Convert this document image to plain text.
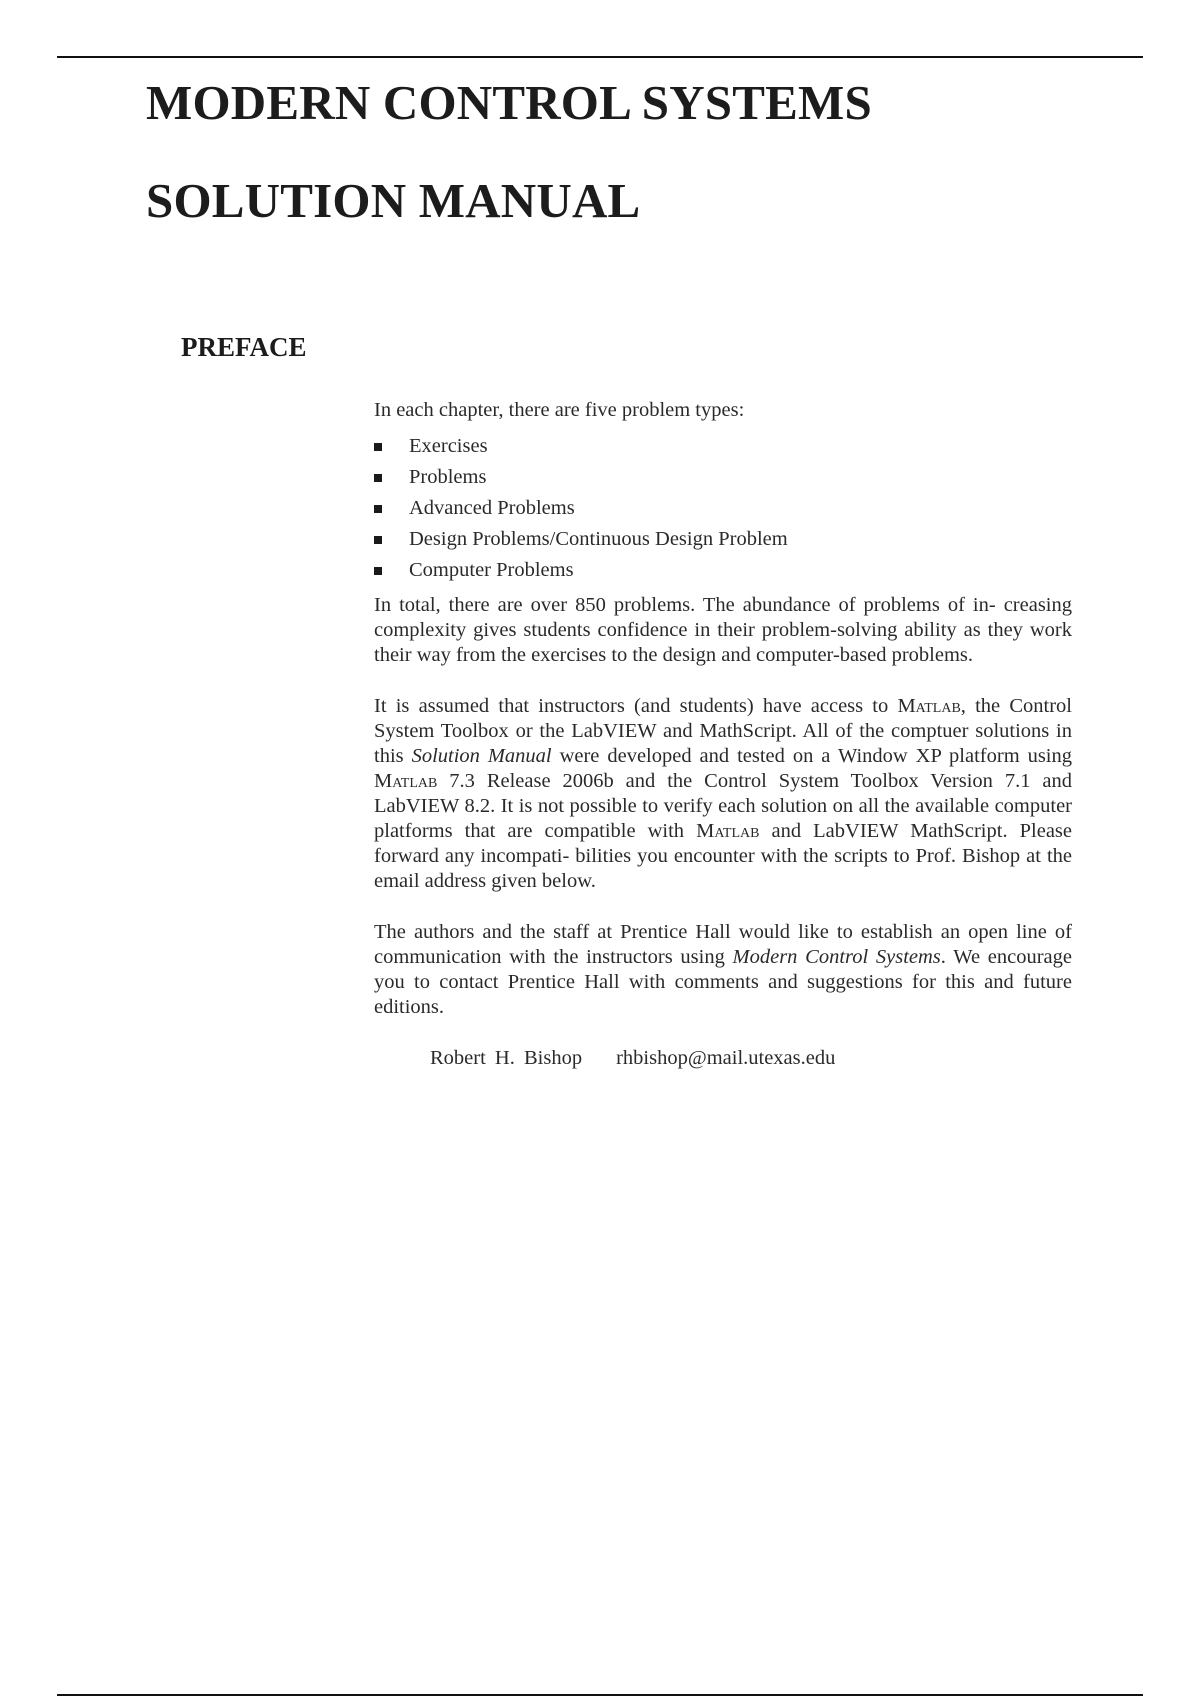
MODERN CONTROL SYSTEMS
SOLUTION MANUAL
PREFACE

In each chapter, there are five problem types:

Exercises
Problems
Advanced Problems
Design Problems/Continuous Design Problem
Computer Problems

In total, there are over 850 problems. The abundance of problems of in- creasing complexity gives students confidence in their problem-solving ability as they work their way from the exercises to the design and computer-based problems.

It is assumed that instructors (and students) have access to Matlab, the Control System Toolbox or the LabVIEW and MathScript. All of the comptuer solutions in this Solution Manual were developed and tested on a Window XP platform using Matlab 7.3 Release 2006b and the Control System Toolbox Version 7.1 and LabVIEW 8.2. It is not possible to verify each solution on all the available computer platforms that are compatible with Matlab and LabVIEW MathScript. Please forward any incompati- bilities you encounter with the scripts to Prof. Bishop at the email address given below.

The authors and the staff at Prentice Hall would like to establish an open line of communication with the instructors using Modern Control Systems. We encourage you to contact Prentice Hall with comments and suggestions for this and future editions.

Robert H. Bishop rhbishop@mail.utexas.edu
